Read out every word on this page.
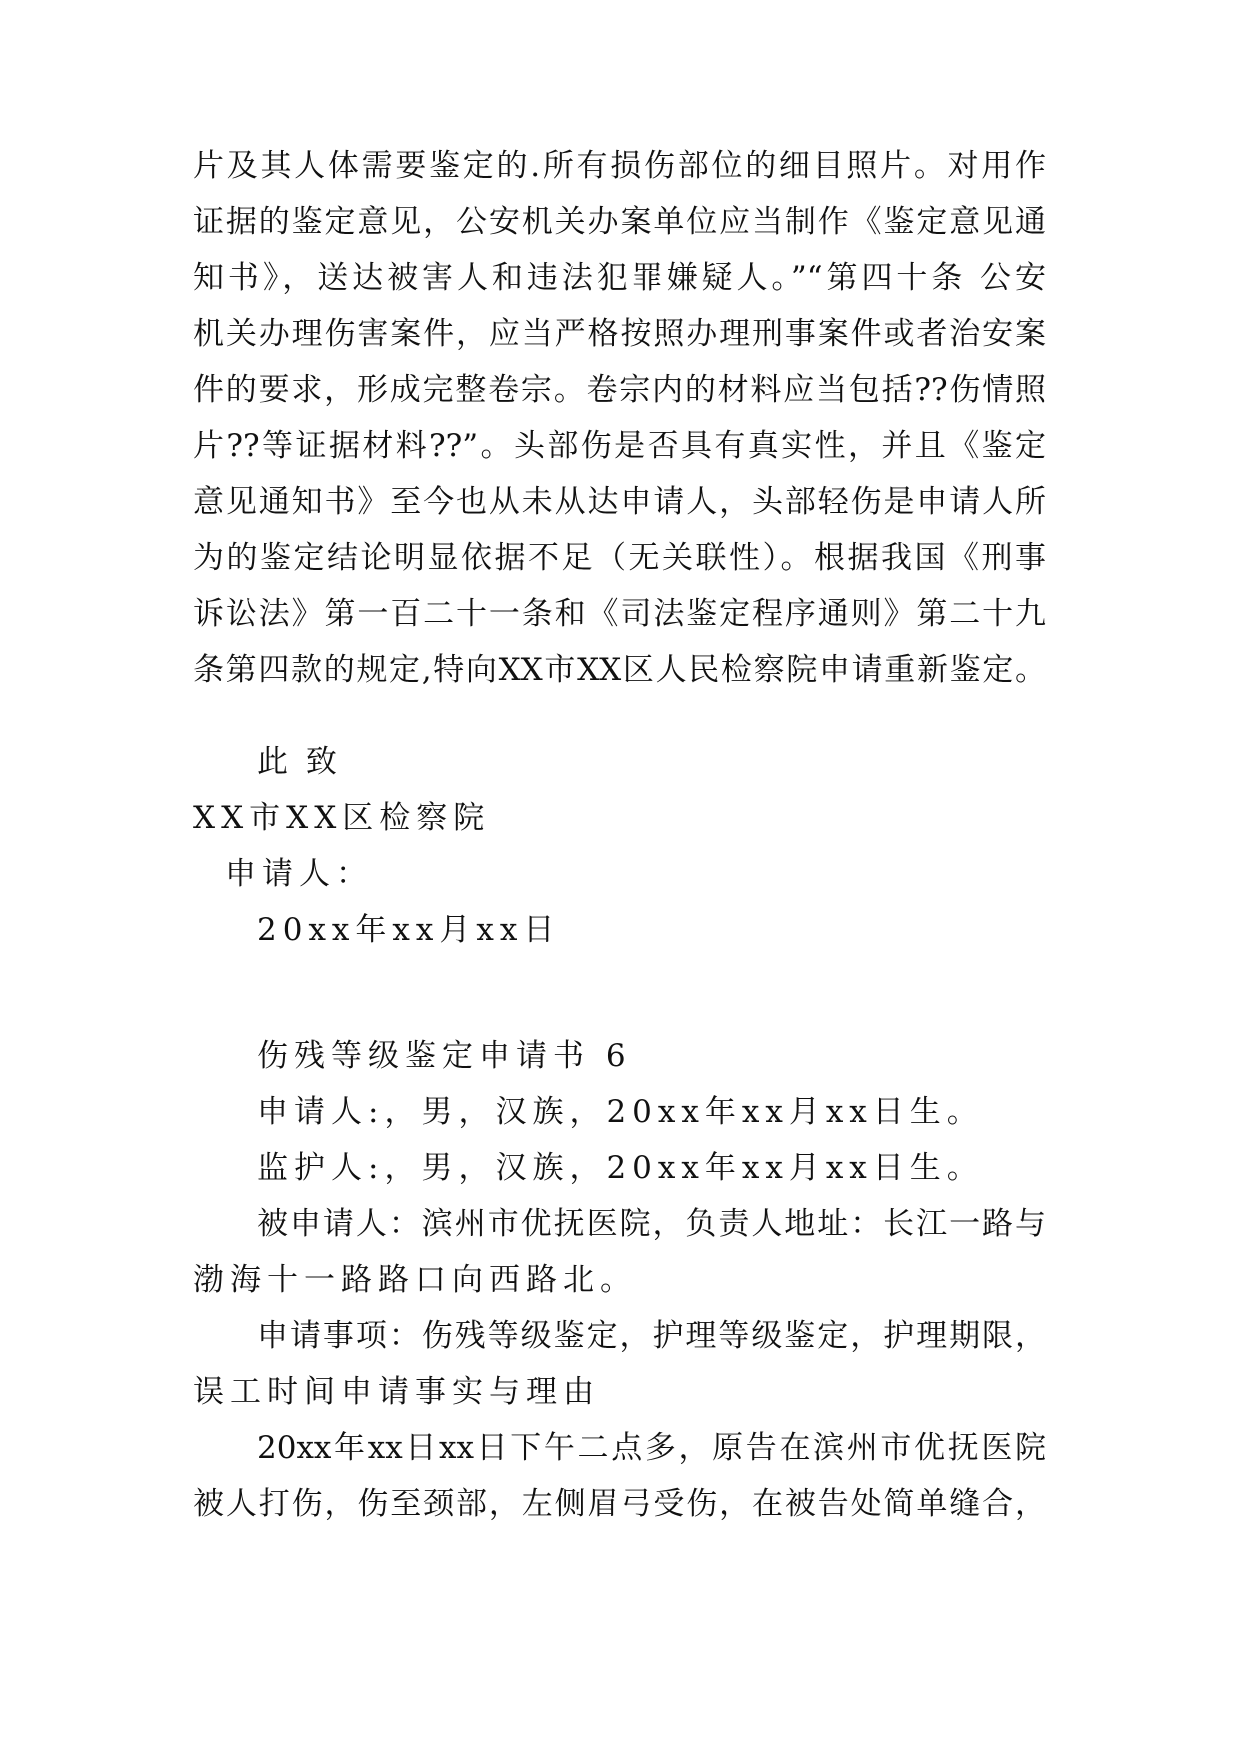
片及其人体需要鉴定的.所有损伤部位的细目照片。对用作
证据的鉴定意见，公安机关办案单位应当制作《鉴定意见通
知书》，送达被害人和违法犯罪嫌疑人。”“第四十条 公安
机关办理伤害案件，应当严格按照办理刑事案件或者治安案
件的要求，形成完整卷宗。卷宗内的材料应当包括??伤情照
片??等证据材料??”。头部伤是否具有真实性，并且《鉴定
意见通知书》至今也从未从达申请人，头部轻伤是申请人所
为的鉴定结论明显依据不足（无关联性）。根据我国《刑事
诉讼法》第一百二十一条和《司法鉴定程序通则》第二十九
条第四款的规定,特向XX市XX区人民检察院申请重新鉴定。
此 致
XX市XX区检察院
申请人：
20xx年xx月xx日
伤残等级鉴定申请书 6
申请人:，男，汉族，20xx年xx月xx日生。
监护人:，男，汉族，20xx年xx月xx日生。
被申请人：滨州市优抚医院，负责人地址：长江一路与
渤海十一路路口向西路北。
申请事项：伤残等级鉴定，护理等级鉴定，护理期限，
误工时间申请事实与理由
20xx年xx日xx日下午二点多，原告在滨州市优抚医院
被人打伤，伤至颈部，左侧眉弓受伤，在被告处简单缝合，
